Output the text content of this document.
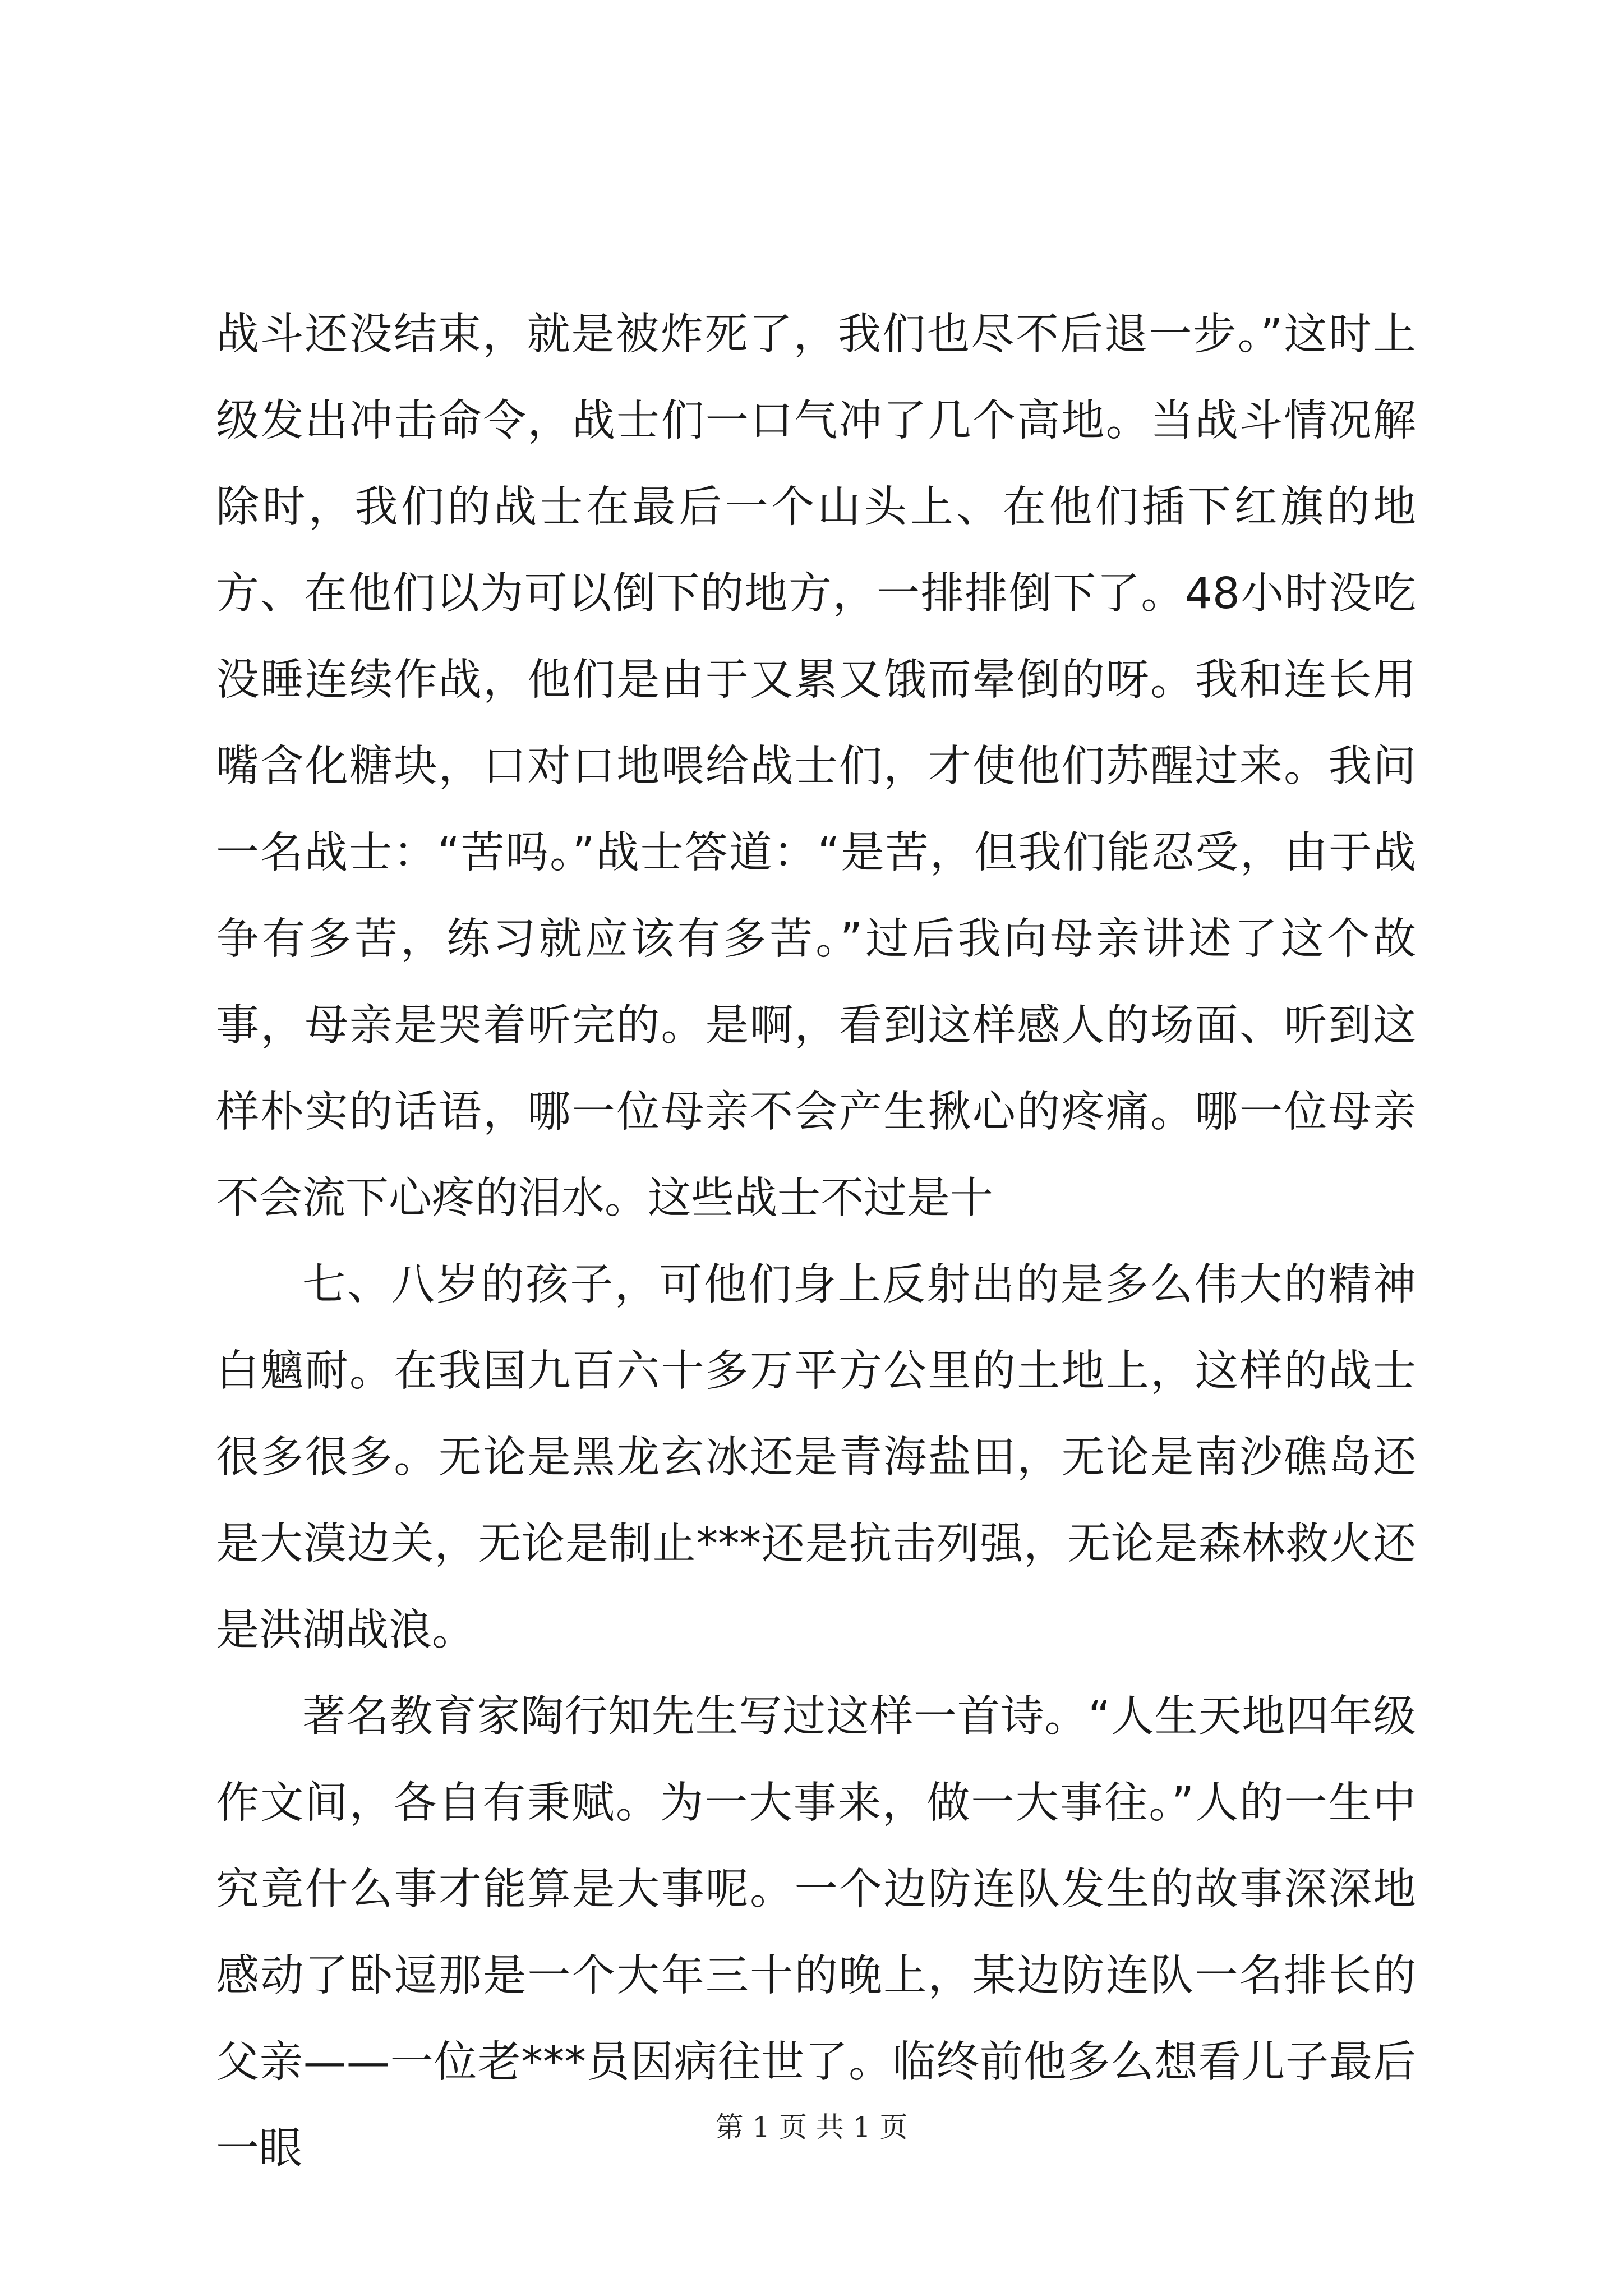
战斗还没结束，就是被炸死了，我们也尽不后退一步。”这时上级发出冲击命令，战士们一口气冲了几个高地。当战斗情况解除时，我们的战士在最后一个山头上、在他们插下红旗的地方、在他们以为可以倒下的地方，一排排倒下了。48小时没吃没睡连续作战，他们是由于又累又饿而晕倒的呀。我和连长用嘴含化糖块，口对口地喂给战士们，才使他们苏醒过来。我问一名战士：“苦吗。”战士答道：“是苦，但我们能忍受，由于战争有多苦，练习就应该有多苦。”过后我向母亲讲述了这个故事，母亲是哭着听完的。是啊，看到这样感人的场面、听到这样朴实的话语，哪一位母亲不会产生揪心的疼痛。哪一位母亲不会流下心疼的泪水。这些战士不过是十

七、八岁的孩子，可他们身上反射出的是多么伟大的精神白魑耐。在我国九百六十多万平方公里的土地上，这样的战士很多很多。无论是黑龙玄冰还是青海盐田，无论是南沙礁岛还是大漠边关，无论是制止***还是抗击列强，无论是森林救火还是洪湖战浪。

著名教育家陶行知先生写过这样一首诗。“人生天地四年级作文间，各自有秉赋。为一大事来，做一大事往。”人的一生中究竟什么事才能算是大事呢。一个边防连队发生的故事深深地感动了卧逗那是一个大年三十的晚上，某边防连队一名排长的父亲——一位老***员因病往世了。临终前他多么想看儿子最后一眼	第 1 页 共 1 页
